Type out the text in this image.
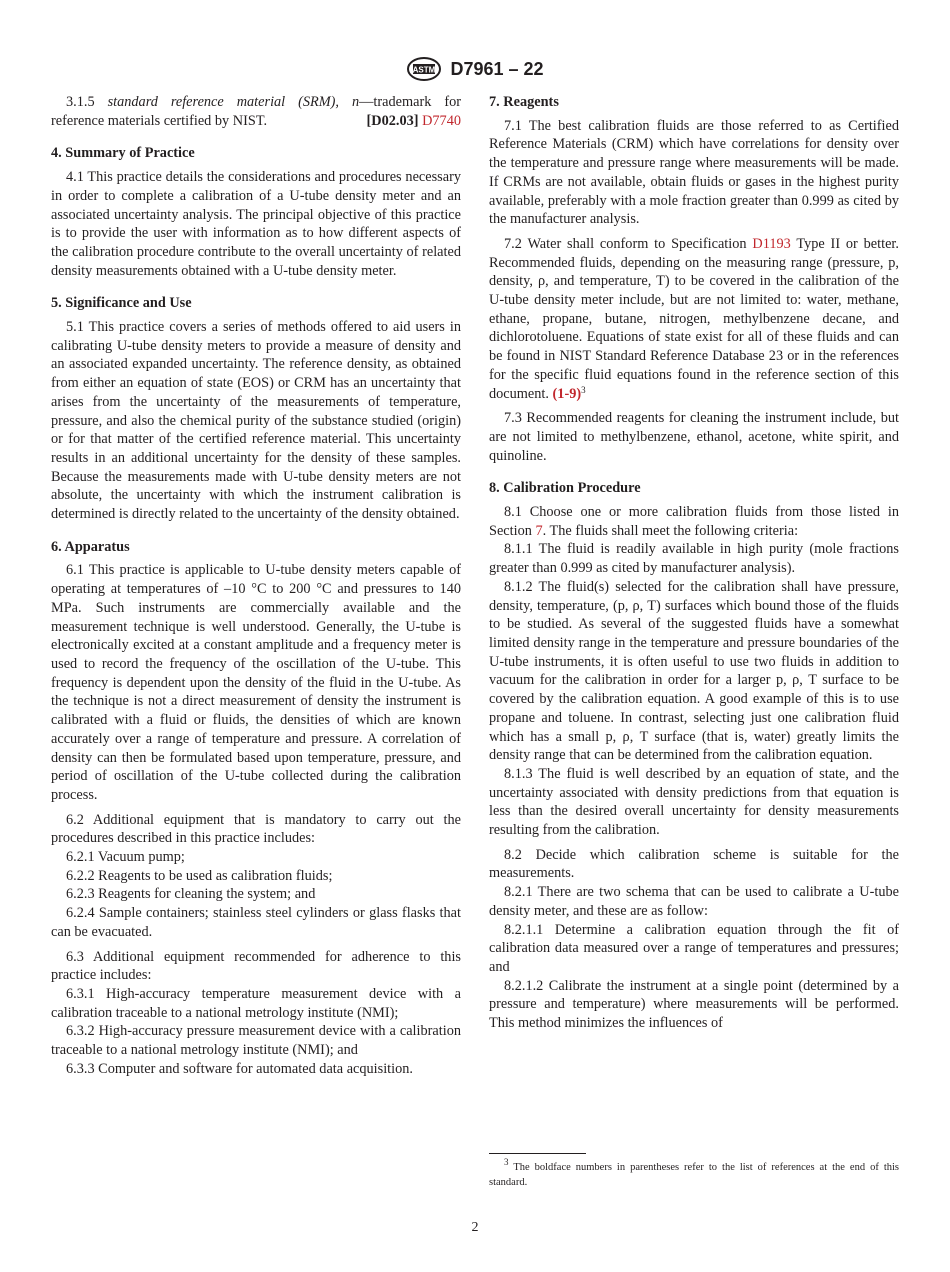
ASTM D7961 – 22

3.1.5 standard reference material (SRM), n—trademark for reference materials certified by NIST.	[D02.03] D7740

4. Summary of Practice

4.1 This practice details the considerations and procedures necessary in order to complete a calibration of a U-tube density meter and an associated uncertainty analysis. The principal objective of this practice is to provide the user with information as to how different aspects of the calibration procedure contribute to the overall uncertainty of related density measurements obtained with a U-tube density meter.

5. Significance and Use

5.1 This practice covers a series of methods offered to aid users in calibrating U-tube density meters to provide a measure of density and an associated expanded uncertainty. The reference density, as obtained from either an equation of state (EOS) or CRM has an uncertainty that arises from the uncertainty of the measurements of temperature, pressure, and also the chemical purity of the substance studied (origin) or for that matter of the certified reference material. This uncertainty results in an additional uncertainty for the density of these samples. Because the measurements made with U-tube density meters are not absolute, the uncertainty with which the instrument calibration is determined is directly related to the uncertainty of the density obtained.

6. Apparatus

6.1 This practice is applicable to U-tube density meters capable of operating at temperatures of –10 °C to 200 °C and pressures to 140 MPa. Such instruments are commercially available and the measurement technique is well understood. Generally, the U-tube is electronically excited at a constant amplitude and a frequency meter is used to record the frequency of the oscillation of the U-tube. This frequency is dependent upon the density of the fluid in the U-tube. As the technique is not a direct measurement of density the instrument is calibrated with a fluid or fluids, the densities of which are known accurately over a range of temperature and pressure. A correlation of density can then be formulated based upon temperature, pressure, and period of oscillation of the U-tube collected during the calibration process.

6.2 Additional equipment that is mandatory to carry out the procedures described in this practice includes:

6.2.1 Vacuum pump;

6.2.2 Reagents to be used as calibration fluids;

6.2.3 Reagents for cleaning the system; and

6.2.4 Sample containers; stainless steel cylinders or glass flasks that can be evacuated.

6.3 Additional equipment recommended for adherence to this practice includes:

6.3.1 High-accuracy temperature measurement device with a calibration traceable to a national metrology institute (NMI);

6.3.2 High-accuracy pressure measurement device with a calibration traceable to a national metrology institute (NMI); and

6.3.3 Computer and software for automated data acquisition.

7. Reagents

7.1 The best calibration fluids are those referred to as Certified Reference Materials (CRM) which have correlations for density over the temperature and pressure range where measurements will be made. If CRMs are not available, obtain fluids or gases in the highest purity available, preferably with a mole fraction greater than 0.999 as cited by the manufacturer analysis.

7.2 Water shall conform to Specification D1193 Type II or better. Recommended fluids, depending on the measuring range (pressure, p, density, ρ, and temperature, T) to be covered in the calibration of the U-tube density meter include, but are not limited to: water, methane, ethane, propane, butane, nitrogen, methylbenzene decane, and dichlorotoluene. Equations of state exist for all of these fluids and can be found in NIST Standard Reference Database 23 or in the references for the specific fluid equations found in the reference section of this document. $(1-9)^3$

7.3 Recommended reagents for cleaning the instrument include, but are not limited to methylbenzene, ethanol, acetone, white spirit, and quinoline.

8. Calibration Procedure

8.1 Choose one or more calibration fluids from those listed in Section 7. The fluids shall meet the following criteria:

8.1.1 The fluid is readily available in high purity (mole fractions greater than 0.999 as cited by manufacturer analysis).

8.1.2 The fluid(s) selected for the calibration shall have pressure, density, temperature, (p, ρ, T) surfaces which bound those of the fluids to be studied. As several of the suggested fluids have a somewhat limited density range in the temperature and pressure boundaries of the U-tube instruments, it is often useful to use two fluids in addition to vacuum for the calibration in order for a larger p, ρ, T surface to be covered by the calibration equation. A good example of this is to use propane and toluene. In contrast, selecting just one calibration fluid which has a small p, ρ, T surface (that is, water) greatly limits the density range that can be determined from the calibration equation.

8.1.3 The fluid is well described by an equation of state, and the uncertainty associated with density predictions from that equation is less than the desired overall uncertainty for density measurements resulting from the calibration.

8.2 Decide which calibration scheme is suitable for the measurements.

8.2.1 There are two schema that can be used to calibrate a U-tube density meter, and these are as follow:

8.2.1.1 Determine a calibration equation through the fit of calibration data measured over a range of temperatures and pressures; and

8.2.1.2 Calibrate the instrument at a single point (determined by a pressure and temperature) where measurements will be performed. This method minimizes the influences of

$^3$ The boldface numbers in parentheses refer to the list of references at the end of this standard.
2
